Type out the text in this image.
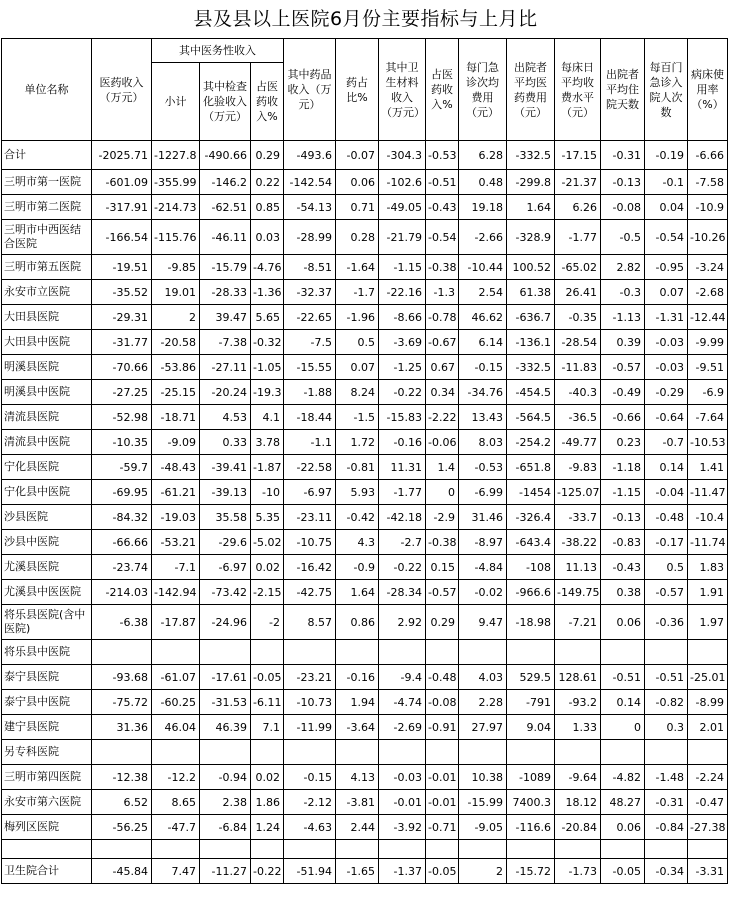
县及县以上医院6月份主要指标与上月比
单位名称	医药收入（万元）	其中医务性收入			其中药品收入（万元）	药占比%	其中卫生材料收入（万元）	占医药收入%	每门急诊次均费用（元）	出院者平均医药费用（元）	每床日平均收费水平（元）	出院者平均住院天数	每百门急诊入院人次数	病床使用率（%）
		小计	其中检查化验收入（万元）	占医药收入%										
合计	-2025.71	-1227.8	-490.66	0.29	-493.6	-0.07	-304.3	-0.53	6.28	-332.5	-17.15	-0.31	-0.19	-6.66
三明市第一医院	-601.09	-355.99	-146.2	0.22	-142.54	0.06	-102.6	-0.51	0.48	-299.8	-21.37	-0.13	-0.1	-7.58
三明市第二医院	-317.91	-214.73	-62.51	0.85	-54.13	0.71	-49.05	-0.43	19.18	1.64	6.26	-0.08	0.04	-10.9
三明市中西医结合医院	-166.54	-115.76	-46.11	0.03	-28.99	0.28	-21.79	-0.54	-2.66	-328.9	-1.77	-0.5	-0.54	-10.26
三明市第五医院	-19.51	-9.85	-15.79	-4.76	-8.51	-1.64	-1.15	-0.38	-10.44	100.52	-65.02	2.82	-0.95	-3.24
永安市立医院	-35.52	19.01	-28.33	-1.36	-32.37	-1.7	-22.16	-1.3	2.54	61.38	26.41	-0.3	0.07	-2.68
大田县医院	-29.31	2	39.47	5.65	-22.65	-1.96	-8.66	-0.78	46.62	-636.7	-0.35	-1.13	-1.31	-12.44
大田县中医院	-31.77	-20.58	-7.38	-0.32	-7.5	0.5	-3.69	-0.67	6.14	-136.1	-28.54	0.39	-0.03	-9.99
明溪县医院	-70.66	-53.86	-27.11	-1.05	-15.55	0.07	-1.25	0.67	-0.15	-332.5	-11.83	-0.57	-0.03	-9.51
明溪县中医院	-27.25	-25.15	-20.24	-19.3	-1.88	8.24	-0.22	0.34	-34.76	-454.5	-40.3	-0.49	-0.29	-6.9
清流县医院	-52.98	-18.71	4.53	4.1	-18.44	-1.5	-15.83	-2.22	13.43	-564.5	-36.5	-0.66	-0.64	-7.64
清流县中医院	-10.35	-9.09	0.33	3.78	-1.1	1.72	-0.16	-0.06	8.03	-254.2	-49.77	0.23	-0.7	-10.53
宁化县医院	-59.7	-48.43	-39.41	-1.87	-22.58	-0.81	11.31	1.4	-0.53	-651.8	-9.83	-1.18	0.14	1.41
宁化县中医院	-69.95	-61.21	-39.13	-10	-6.97	5.93	-1.77	0	-6.99	-1454	-125.07	-1.15	-0.04	-11.47
沙县医院	-84.32	-19.03	35.58	5.35	-23.11	-0.42	-42.18	-2.9	31.46	-326.4	-33.7	-0.13	-0.48	-10.4
沙县中医院	-66.66	-53.21	-29.6	-5.02	-10.75	4.3	-2.7	-0.38	-8.97	-643.4	-38.22	-0.83	-0.17	-11.74
尤溪县医院	-23.74	-7.1	-6.97	0.02	-16.42	-0.9	-0.22	0.15	-4.84	-108	11.13	-0.43	0.5	1.83
尤溪县中医医院	-214.03	-142.94	-73.42	-2.15	-42.75	1.64	-28.34	-0.57	-0.02	-966.6	-149.75	0.38	-0.57	1.91
将乐县医院(含中医院)	-6.38	-17.87	-24.96	-2	8.57	0.86	2.92	0.29	9.47	-18.98	-7.21	0.06	-0.36	1.97
将乐县中医院														
泰宁县医院	-93.68	-61.07	-17.61	-0.05	-23.21	-0.16	-9.4	-0.48	4.03	529.5	128.61	-0.51	-0.51	-25.01
泰宁县中医院	-75.72	-60.25	-31.53	-6.11	-10.73	1.94	-4.74	-0.08	2.28	-791	-93.2	0.14	-0.82	-8.99
建宁县医院	31.36	46.04	46.39	7.1	-11.99	-3.64	-2.69	-0.91	27.97	9.04	1.33	0	0.3	2.01
另专科医院														
三明市第四医院	-12.38	-12.2	-0.94	0.02	-0.15	4.13	-0.03	-0.01	10.38	-1089	-9.64	-4.82	-1.48	-2.24
永安市第六医院	6.52	8.65	2.38	1.86	-2.12	-3.81	-0.01	-0.01	-15.99	7400.3	18.12	48.27	-0.31	-0.47
梅列区医院	-56.25	-47.7	-6.84	1.24	-4.63	2.44	-3.92	-0.71	-9.05	-116.6	-20.84	0.06	-0.84	-27.38

卫生院合计	-45.84	7.47	-11.27	-0.22	-51.94	-1.65	-1.37	-0.05	2	-15.72	-1.73	-0.05	-0.34	-3.31
